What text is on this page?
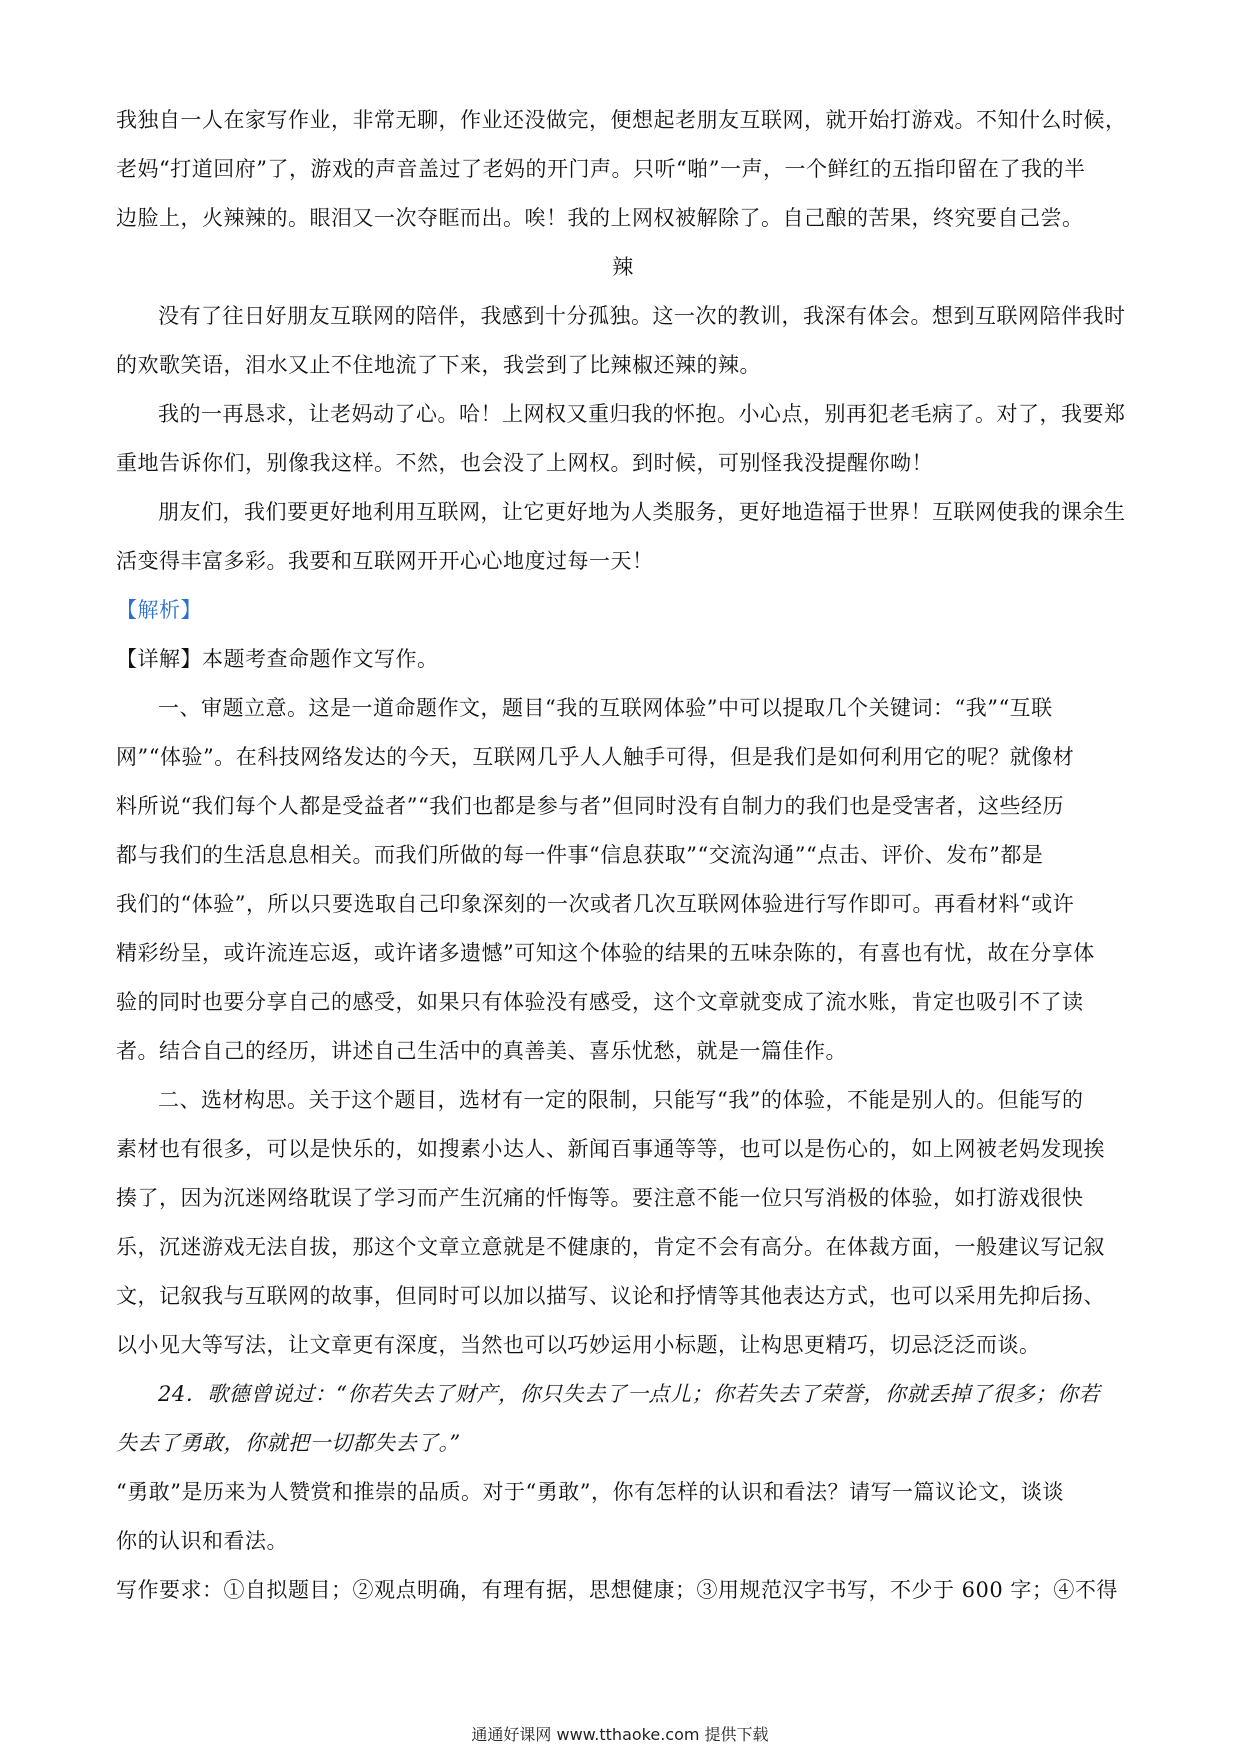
我独自一人在家写作业，非常无聊，作业还没做完，便想起老朋友互联网，就开始打游戏。不知什么时候，
老妈“打道回府”了，游戏的声音盖过了老妈的开门声。只听“啪”一声，一个鲜红的五指印留在了我的半
边脸上，火辣辣的。眼泪又一次夺眶而出。唉！我的上网权被解除了。自己酿的苦果，终究要自己尝。
辣
没有了往日好朋友互联网的陪伴，我感到十分孤独。这一次的教训，我深有体会。想到互联网陪伴我时
的欢歌笑语，泪水又止不住地流了下来，我尝到了比辣椒还辣的辣。
我的一再恳求，让老妈动了心。哈！上网权又重归我的怀抱。小心点，别再犯老毛病了。对了，我要郑
重地告诉你们，别像我这样。不然，也会没了上网权。到时候，可别怪我没提醒你呦！
朋友们，我们要更好地利用互联网，让它更好地为人类服务，更好地造福于世界！互联网使我的课余生
活变得丰富多彩。我要和互联网开开心心地度过每一天！
【解析】
【详解】本题考查命题作文写作。
一、审题立意。这是一道命题作文，题目“我的互联网体验”中可以提取几个关键词：“我”“互联
网”“体验”。在科技网络发达的今天，互联网几乎人人触手可得，但是我们是如何利用它的呢？就像材
料所说“我们每个人都是受益者”“我们也都是参与者”但同时没有自制力的我们也是受害者，这些经历
都与我们的生活息息相关。而我们所做的每一件事“信息获取”“交流沟通”“点击、评价、发布”都是
我们的“体验”，所以只要选取自己印象深刻的一次或者几次互联网体验进行写作即可。再看材料“或许
精彩纷呈，或许流连忘返，或许诸多遗憾”可知这个体验的结果的五味杂陈的，有喜也有忧，故在分享体
验的同时也要分享自己的感受，如果只有体验没有感受，这个文章就变成了流水账，肯定也吸引不了读
者。结合自己的经历，讲述自己生活中的真善美、喜乐忧愁，就是一篇佳作。
二、选材构思。关于这个题目，选材有一定的限制，只能写“我”的体验，不能是别人的。但能写的
素材也有很多，可以是快乐的，如搜素小达人、新闻百事通等等，也可以是伤心的，如上网被老妈发现挨
揍了，因为沉迷网络耽误了学习而产生沉痛的忏悔等。要注意不能一位只写消极的体验，如打游戏很快
乐，沉迷游戏无法自拔，那这个文章立意就是不健康的，肯定不会有高分。在体裁方面，一般建议写记叙
文，记叙我与互联网的故事，但同时可以加以描写、议论和抒情等其他表达方式，也可以采用先抑后扬、
以小见大等写法，让文章更有深度，当然也可以巧妙运用小标题，让构思更精巧，切忌泛泛而谈。
24．歌德曾说过：“你若失去了财产，你只失去了一点儿；你若失去了荣誉，你就丢掉了很多；你若
失去了勇敢，你就把一切都失去了。”
“勇敢”是历来为人赞赏和推崇的品质。对于“勇敢”，你有怎样的认识和看法？请写一篇议论文，谈谈
你的认识和看法。
写作要求：①自拟题目；②观点明确，有理有据，思想健康；③用规范汉字书写，不少于 600 字；④不得
通通好课网 www.tthaoke.com 提供下载
